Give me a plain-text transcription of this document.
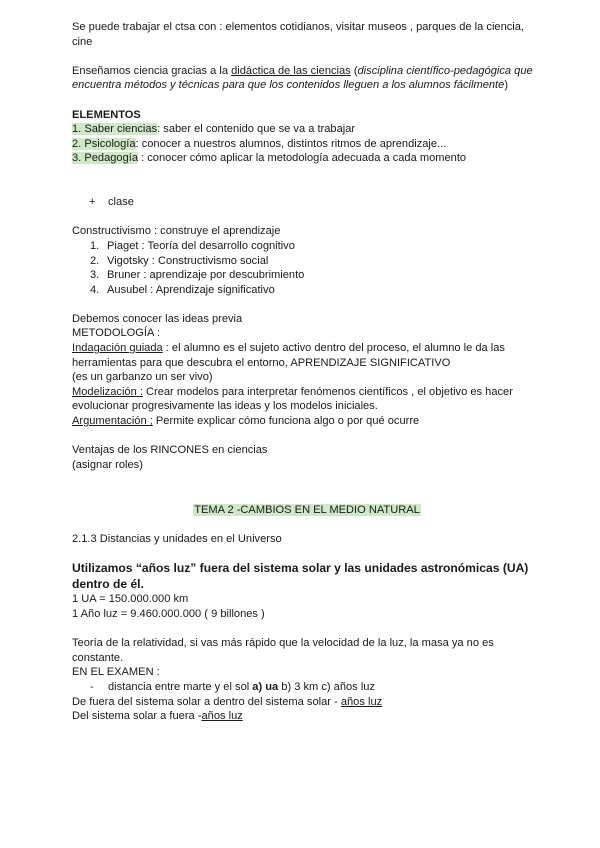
Se puede trabajar el ctsa con : elementos cotidianos, visitar museos , parques de la ciencia, cine

Enseñamos ciencia gracias a la didáctica de las ciencias (disciplina científico-pedagógica que encuentra métodos y técnicas para que los contenidos lleguen a los alumnos fácilmente)

ELEMENTOS

1. Saber ciencias: saber el contenido que se va a trabajar

2. Psicología: conocer a nuestros alumnos, distintos ritmos de aprendizaje...

3. Pedagogía : conocer cómo aplicar la metodología adecuada a cada momento

+ clase

Constructivismo : construye el aprendizaje

1. Piaget : Teoría del desarrollo cognitivo
2. Vigotsky : Constructivismo social
3. Bruner : aprendizaje por descubrimiento
4. Ausubel : Aprendizaje significativo

Debemos conocer las ideas previa

METODOLOGÍA :

Indagación guiada : el alumno es el sujeto activo dentro del proceso, el alumno le da las herramientas para que descubra el entorno, APRENDIZAJE SIGNIFICATIVO

(es un garbanzo un ser vivo)

Modelización : Crear modelos para interpretar fenómenos científicos , el objetivo es hacer evolucionar progresivamente las ideas y los modelos iniciales.

Argumentación ; Permite explicar cómo funciona algo o por qué ocurre

Ventajas de los RINCONES en ciencias

(asignar roles)

TEMA 2 -CAMBIOS EN EL MEDIO NATURAL

2.1.3 Distancias y unidades en el Universo

Utilizamos “años luz” fuera del sistema solar y las unidades astronómicas (UA) dentro de él.

1 UA = 150.000.000 km

1 Año luz = 9.460.000.000 ( 9 billones )

Teoría de la relatividad, si vas más rápido que la velocidad de la luz, la masa ya no es constante.

EN EL EXAMEN :

- distancia entre marte y el sol a) ua b) 3 km c) años luz

De fuera del sistema solar a dentro del sistema solar - años luz

Del sistema solar a fuera -años luz
